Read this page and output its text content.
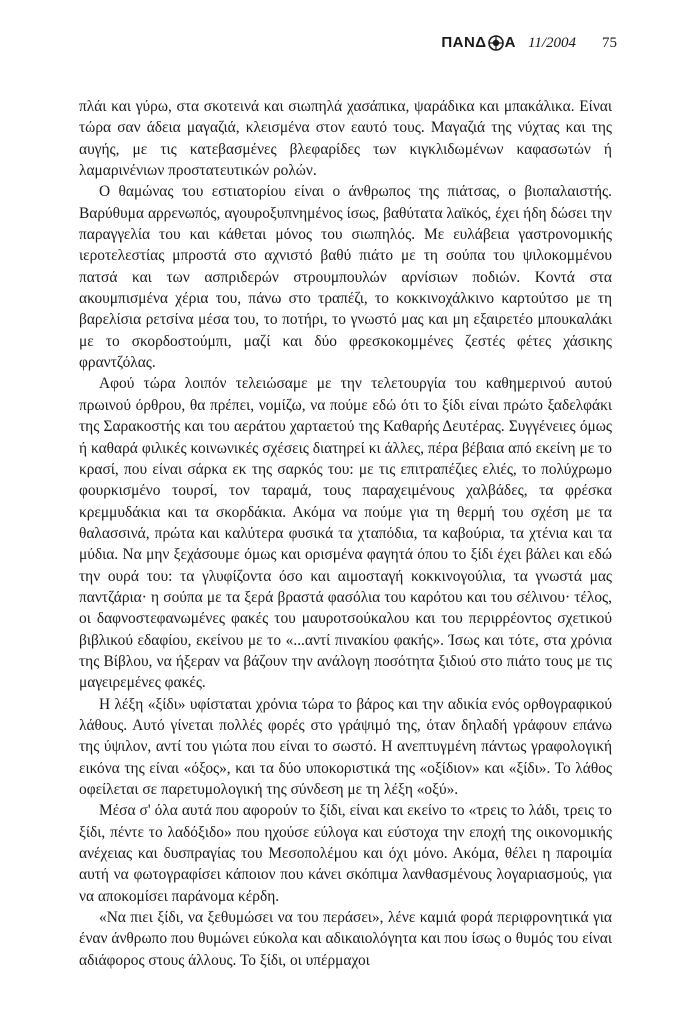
ΠΑΝΔ Α 11/2004 75

πλάι και γύρω, στα σκοτεινά και σιωπηλά χασάπικα, ψαράδικα και μπακάλικα. Είναι τώρα σαν άδεια μαγαζιά, κλεισμένα στον εαυτό τους. Μαγαζιά της νύχτας και της αυγής, με τις κατεβασμένες βλεφαρίδες των κιγκλιδωμένων καφασωτών ή λαμαρινένιων προστατευτικών ρολών.

Ο θαμώνας του εστιατορίου είναι ο άνθρωπος της πιάτσας, ο βιοπαλαιστής. Βαρύθυμα αρρενωπός, αγουροξυπνημένος ίσως, βαθύτατα λαϊκός, έχει ήδη δώσει την παραγγελία του και κάθεται μόνος του σιωπηλός. Με ευλάβεια γαστρονομικής ιεροτελεστίας μπροστά στο αχνιστό βαθύ πιάτο με τη σούπα του ψιλοκομμένου πατσά και των ασπριδερών στρουμπουλών αρνίσιων ποδιών. Κοντά στα ακουμπισμένα χέρια του, πάνω στο τραπέζι, το κοκκινοχάλκινο καρτούτσο με τη βαρελίσια ρετσίνα μέσα του, το ποτήρι, το γνωστό μας και μη εξαιρετέο μπουκαλάκι με το σκορδοστούμπι, μαζί και δύο φρεσκοκομμένες ζεστές φέτες χάσικης φραντζόλας.

Αφού τώρα λοιπόν τελειώσαμε με την τελετουργία του καθημερινού αυτού πρωινού όρθρου, θα πρέπει, νομίζω, να πούμε εδώ ότι το ξίδι είναι πρώτο ξαδελφάκι της Σαρακοστής και του αεράτου χαρταετού της Καθαρής Δευτέρας. Συγγένειες όμως ή καθαρά φιλικές κοινωνικές σχέσεις διατηρεί κι άλλες, πέρα βέβαια από εκείνη με το κρασί, που είναι σάρκα εκ της σαρκός του: με τις επιτραπέζιες ελιές, το πολύχρωμο φουρκισμένο τουρσί, τον ταραμά, τους παραχειμένους χαλβάδες, τα φρέσκα κρεμμυδάκια και τα σκορδάκια. Ακόμα να πούμε για τη θερμή του σχέση με τα θαλασσινά, πρώτα και καλύτερα φυσικά τα χταπόδια, τα καβούρια, τα χτένια και τα μύδια. Να μην ξεχάσουμε όμως και ορισμένα φαγητά όπου το ξίδι έχει βάλει και εδώ την ουρά του: τα γλυφίζοντα όσο και αιμοσταγή κοκκινογούλια, τα γνωστά μας παντζάρια· η σούπα με τα ξερά βραστά φασόλια του καρότου και του σέλινου· τέλος, οι δαφνοστεφανωμένες φακές του μαυροτσούκαλου και του περιρρέοντος σχετικού βιβλικού εδαφίου, εκείνου με το «...αντί πινακίου φακής». Ίσως και τότε, στα χρόνια της Βίβλου, να ήξεραν να βάζουν την ανάλογη ποσότητα ξιδιού στο πιάτο τους με τις μαγειρεμένες φακές.

Η λέξη «ξίδι» υφίσταται χρόνια τώρα το βάρος και την αδικία ενός ορθογραφικού λάθους. Αυτό γίνεται πολλές φορές στο γράψιμό της, όταν δηλαδή γράφουν επάνω της ύψιλον, αντί του γιώτα που είναι το σωστό. Η ανεπτυγμένη πάντως γραφολογική εικόνα της είναι «όξος», και τα δύο υποκοριστικά της «οξίδιον» και «ξίδι». Το λάθος οφείλεται σε παρετυμολογική της σύνδεση με τη λέξη «οξύ».

Μέσα σ' όλα αυτά που αφορούν το ξίδι, είναι και εκείνο το «τρεις το λάδι, τρεις το ξίδι, πέντε το λαδόξιδο» που ηχούσε εύλογα και εύστοχα την εποχή της οικονομικής ανέχειας και δυσπραγίας του Μεσοπολέμου και όχι μόνο. Ακόμα, θέλει η παροιμία αυτή να φωτογραφίσει κάποιον που κάνει σκόπιμα λανθασμένους λογαριασμούς, για να αποκομίσει παράνομα κέρδη.

«Να πιει ξίδι, να ξεθυμώσει να του περάσει», λένε καμιά φορά περιφρονητικά για έναν άνθρωπο που θυμώνει εύκολα και αδικαιολόγητα και που ίσως ο θυμός του είναι αδιάφορος στους άλλους. Το ξίδι, οι υπέρμαχοι
